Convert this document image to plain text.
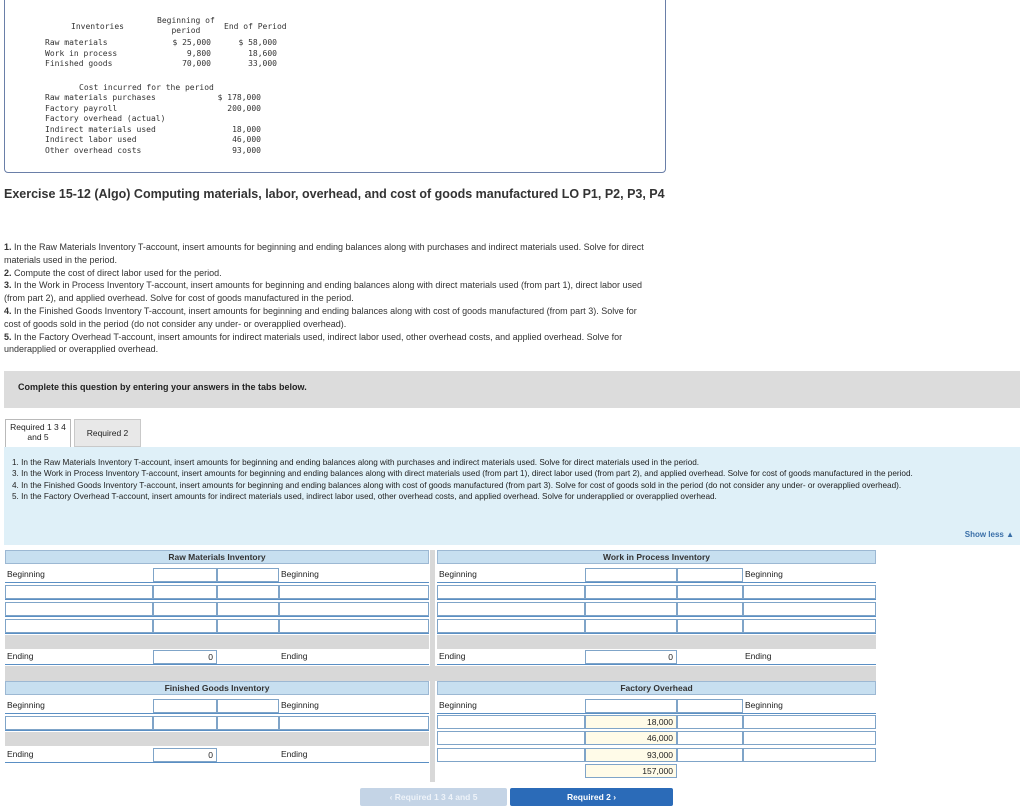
Inventories
Beginning of
period	End of Period
Raw materials	$ 25,000	$ 58,000
Work in process	9,800	18,600
Finished goods	70,000	33,000
Cost incurred for the period
Raw materials purchases	$ 178,000
Factory payroll	200,000
Factory overhead (actual)
Indirect materials used	18,000
Indirect labor used	46,000
Other overhead costs	93,000
Exercise 15-12 (Algo) Computing materials, labor, overhead, and cost of goods manufactured LO P1, P2, P3, P4

1. In the Raw Materials Inventory T-account, insert amounts for beginning and ending balances along with purchases and indirect materials used. Solve for direct materials used in the period.

2. Compute the cost of direct labor used for the period.

3. In the Work in Process Inventory T-account, insert amounts for beginning and ending balances along with direct materials used (from part 1), direct labor used (from part 2), and applied overhead. Solve for cost of goods manufactured in the period.

4. In the Finished Goods Inventory T-account, insert amounts for beginning and ending balances along with cost of goods manufactured (from part 3). Solve for cost of goods sold in the period (do not consider any under- or overapplied overhead).

5. In the Factory Overhead T-account, insert amounts for indirect materials used, indirect labor used, other overhead costs, and applied overhead. Solve for underapplied or overapplied overhead.

Complete this question by entering your answers in the tabs below.
Required 1 3 4
and 5	Required 2
1. In the Raw Materials Inventory T-account, insert amounts for beginning and ending balances along with purchases and indirect materials used. Solve for direct materials used in the period.
3. In the Work in Process Inventory T-account, insert amounts for beginning and ending balances along with direct materials used (from part 1), direct labor used (from part 2), and applied overhead. Solve for cost of goods manufactured in the period.
4. In the Finished Goods Inventory T-account, insert amounts for beginning and ending balances along with cost of goods manufactured (from part 3). Solve for cost of goods sold in the period (do not consider any under- or overapplied overhead).
5. In the Factory Overhead T-account, insert amounts for indirect materials used, indirect labor used, other overhead costs, and applied overhead. Solve for underapplied or overapplied overhead.
Show less ▲
Raw Materials Inventory
Beginning	Beginning
Ending	0	Ending
Work in Process Inventory
Beginning	Beginning
Ending	0	Ending
Finished Goods Inventory
Beginning	Beginning
Ending	0	Ending
Factory Overhead
Beginning	Beginning
18,000
46,000
93,000
157,000
‹ Required 1 3 4 and 5	Required 2 ›
